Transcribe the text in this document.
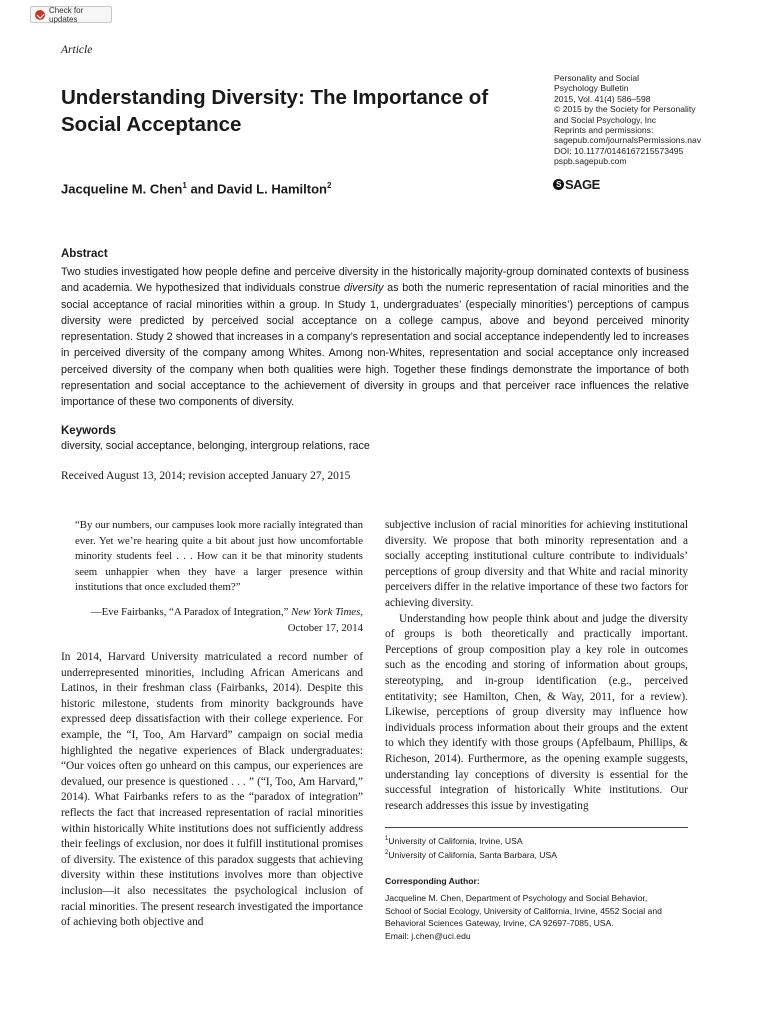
Check for updates
Article
Understanding Diversity: The Importance of Social Acceptance
Personality and Social
Psychology Bulletin
2015, Vol. 41(4) 586–598
© 2015 by the Society for Personality
and Social Psychology, Inc
Reprints and permissions:
sagepub.com/journalsPermissions.nav
DOI: 10.1177/0146167215573495
pspb.sagepub.com
S SAGE
Jacqueline M. Chen$^1$ and David L. Hamilton$^2$
Abstract
Two studies investigated how people define and perceive diversity in the historically majority-group dominated contexts of business and academia. We hypothesized that individuals construe diversity as both the numeric representation of racial minorities and the social acceptance of racial minorities within a group. In Study 1, undergraduates’ (especially minorities’) perceptions of campus diversity were predicted by perceived social acceptance on a college campus, above and beyond perceived minority representation. Study 2 showed that increases in a company’s representation and social acceptance independently led to increases in perceived diversity of the company among Whites. Among non-Whites, representation and social acceptance only increased perceived diversity of the company when both qualities were high. Together these findings demonstrate the importance of both representation and social acceptance to the achievement of diversity in groups and that perceiver race influences the relative importance of these two components of diversity.
Keywords
diversity, social acceptance, belonging, intergroup relations, race
Received August 13, 2014; revision accepted January 27, 2015
“By our numbers, our campuses look more racially integrated than ever. Yet we’re hearing quite a bit about just how uncomfortable minority students feel . . . How can it be that minority students seem unhappier when they have a larger presence within institutions that once excluded them?”
—Eve Fairbanks, “A Paradox of Integration,” New York Times,
October 17, 2014
In 2014, Harvard University matriculated a record number of underrepresented minorities, including African Americans and Latinos, in their freshman class (Fairbanks, 2014). Despite this historic milestone, students from minority backgrounds have expressed deep dissatisfaction with their college experience. For example, the “I, Too, Am Harvard” campaign on social media highlighted the negative experiences of Black undergraduates: “Our voices often go unheard on this campus, our experiences are devalued, our presence is questioned . . . ” (“I, Too, Am Harvard,” 2014). What Fairbanks refers to as the “paradox of integration” reflects the fact that increased representation of racial minorities within historically White institutions does not sufficiently address their feelings of exclusion, nor does it fulfill institutional promises of diversity. The existence of this paradox suggests that achieving diversity within these institutions involves more than objective inclusion—it also necessitates the psychological inclusion of racial minorities. The present research investigated the importance of achieving both objective and

subjective inclusion of racial minorities for achieving institutional diversity. We propose that both minority representation and a socially accepting institutional culture contribute to individuals’ perceptions of group diversity and that White and racial minority perceivers differ in the relative importance of these two factors for achieving diversity.

Understanding how people think about and judge the diversity of groups is both theoretically and practically important. Perceptions of group composition play a key role in outcomes such as the encoding and storing of information about groups, stereotyping, and in-group identification (e.g., perceived entitativity; see Hamilton, Chen, & Way, 2011, for a review). Likewise, perceptions of group diversity may influence how individuals process information about their groups and the extent to which they identify with those groups (Apfelbaum, Phillips, & Richeson, 2014). Furthermore, as the opening example suggests, understanding lay conceptions of diversity is essential for the successful integration of historically White institutions. Our research addresses this issue by investigating

$^1$University of California, Irvine, USA
$^2$University of California, Santa Barbara, USA
Corresponding Author:
Jacqueline M. Chen, Department of Psychology and Social Behavior,
School of Social Ecology, University of California, Irvine, 4552 Social and
Behavioral Sciences Gateway, Irvine, CA 92697-7085, USA.
Email: j.chen@uci.edu
